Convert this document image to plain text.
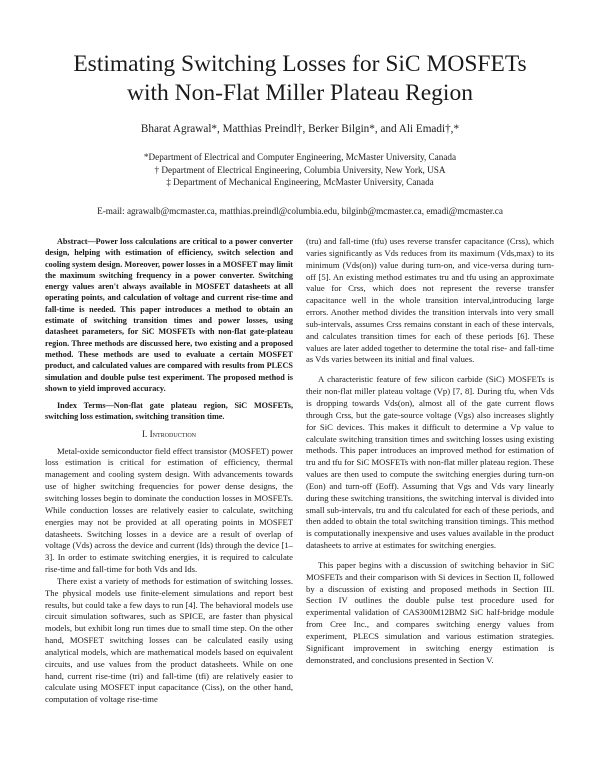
Estimating Switching Losses for SiC MOSFETs
with Non-Flat Miller Plateau Region
Bharat Agrawal*, Matthias Preindl†, Berker Bilgin*, and Ali Emadi†,*
*Department of Electrical and Computer Engineering, McMaster University, Canada
† Department of Electrical Engineering, Columbia University, New York, USA
‡ Department of Mechanical Engineering, McMaster University, Canada
E-mail: agrawalb@mcmaster.ca, matthias.preindl@columbia.edu, bilginb@mcmaster.ca, emadi@mcmaster.ca

Abstract—Power loss calculations are critical to a power converter design, helping with estimation of efficiency, switch selection and cooling system design. Moreover, power losses in a MOSFET may limit the maximum switching frequency in a power converter. Switching energy values aren't always available in MOSFET datasheets at all operating points, and calculation of voltage and current rise-time and fall-time is needed. This paper introduces a method to obtain an estimate of switching transition times and power losses, using datasheet parameters, for SiC MOSFETs with non-flat gate-plateau region. Three methods are discussed here, two existing and a proposed method. These methods are used to evaluate a certain MOSFET product, and calculated values are compared with results from PLECS simulation and double pulse test experiment. The proposed method is shown to yield improved accuracy.

Index Terms—Non-flat gate plateau region, SiC MOSFETs, switching loss estimation, switching transition time.

I. Introduction

Metal-oxide semiconductor field effect transistor (MOSFET) power loss estimation is critical for estimation of efficiency, thermal management and cooling system design. With advancements towards use of higher switching frequencies for power dense designs, the switching losses begin to dominate the conduction losses in MOSFETs. While conduction losses are relatively easier to calculate, switching energies may not be provided at all operating points in MOSFET datasheets. Switching losses in a device are a result of overlap of voltage (Vds) across the device and current (Ids) through the device [1–3]. In order to estimate switching energies, it is required to calculate rise-time and fall-time for both Vds and Ids.

There exist a variety of methods for estimation of switching losses. The physical models use finite-element simulations and report best results, but could take a few days to run [4]. The behavioral models use circuit simulation softwares, such as SPICE, are faster than physical models, but exhibit long run times due to small time step. On the other hand, MOSFET switching losses can be calculated easily using analytical models, which are mathematical models based on equivalent circuits, and use values from the product datasheets. While on one hand, current rise-time (tri) and fall-time (tfi) are relatively easier to calculate using MOSFET input capacitance (Ciss), on the other hand, computation of voltage rise-time

(tru) and fall-time (tfu) uses reverse transfer capacitance (Crss), which varies significantly as Vds reduces from its maximum (Vds,max) to its minimum (Vds(on)) value during turn-on, and vice-versa during turn-off [5]. An existing method estimates tru and tfu using an approximate value for Crss, which does not represent the reverse transfer capacitance well in the whole transition interval,introducing large errors. Another method divides the transition intervals into very small sub-intervals, assumes Crss remains constant in each of these intervals, and calculates transition times for each of these periods [6]. These values are later added together to determine the total rise- and fall-time as Vds varies between its initial and final values.

A characteristic feature of few silicon carbide (SiC) MOSFETs is their non-flat miller plateau voltage (Vp) [7, 8]. During tfu, when Vds is dropping towards Vds(on), almost all of the gate current flows through Crss, but the gate-source voltage (Vgs) also increases slightly for SiC devices. This makes it difficult to determine a Vp value to calculate switching transition times and switching losses using existing methods. This paper introduces an improved method for estimation of tru and tfu for SiC MOSFETs with non-flat miller plateau region. These values are then used to compute the switching energies during turn-on (Eon) and turn-off (Eoff). Assuming that Vgs and Vds vary linearly during these switching transitions, the switching interval is divided into small sub-intervals, tru and tfu calculated for each of these periods, and then added to obtain the total switching transition timings. This method is computationally inexpensive and uses values available in the product datasheets to arrive at estimates for switching energies.

This paper begins with a discussion of switching behavior in SiC MOSFETs and their comparison with Si devices in Section II, followed by a discussion of existing and proposed methods in Section III. Section IV outlines the double pulse test procedure used for experimental validation of CAS300M12BM2 SiC half-bridge module from Cree Inc., and compares switching energy values from experiment, PLECS simulation and various estimation strategies. Significant improvement in switching energy estimation is demonstrated, and conclusions presented in Section V.
